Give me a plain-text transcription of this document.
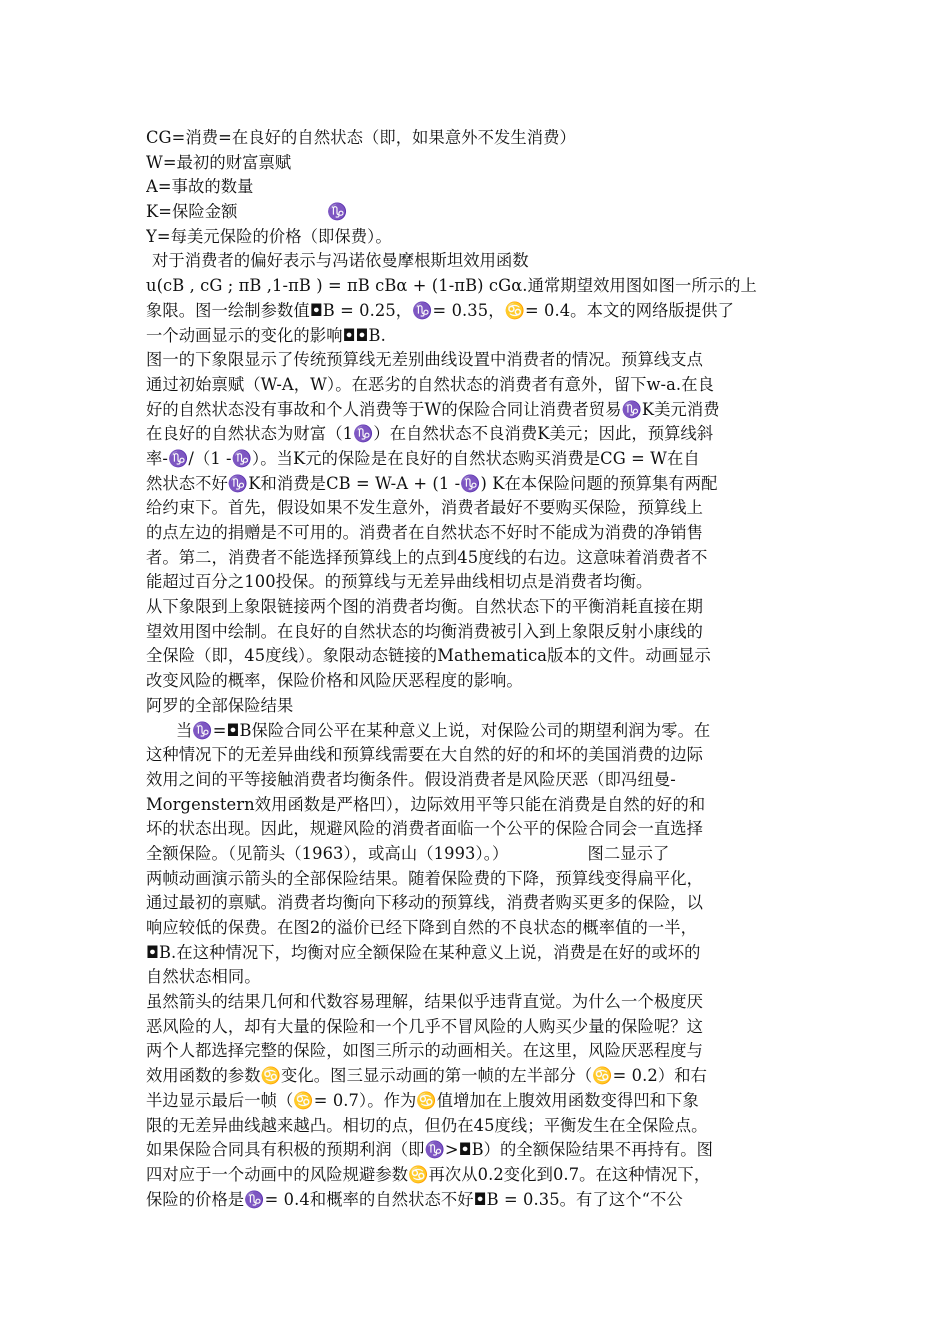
CG=消费=在良好的自然状态（即，如果意外不发生消费）
W=最初的财富禀赋
A=事故的数量
K=保险金额                 ♑
Y=每美元保险的价格（即保费）。
对于消费者的偏好表示与冯诺依曼摩根斯坦效用函数
u(cB , cG ; πB ,1-πB ) = πB cBα + (1-πB) cGα.通常期望效用图如图一所示的上
象限。图一绘制参数值◘B = 0.25，♑= 0.35，♋= 0.4。本文的网络版提供了
一个动画显示的变化的影响◘◘B.
图一的下象限显示了传统预算线无差别曲线设置中消费者的情况。预算线支点
通过初始禀赋（W-A，W）。在恶劣的自然状态的消费者有意外，留下w-a.在良
好的自然状态没有事故和个人消费等于W的保险合同让消费者贸易♑K美元消费
在良好的自然状态为财富（1♑）在自然状态不良消费K美元；因此，预算线斜
率-♑/（1 -♑）。当K元的保险是在良好的自然状态购买消费是CG = W在自
然状态不好♑K和消费是CB = W-A + (1 -♑) K在本保险问题的预算集有两配
给约束下。首先，假设如果不发生意外，消费者最好不要购买保险，预算线上
的点左边的捐赠是不可用的。消费者在自然状态不好时不能成为消费的净销售
者。第二，消费者不能选择预算线上的点到45度线的右边。这意味着消费者不
能超过百分之100投保。的预算线与无差异曲线相切点是消费者均衡。
从下象限到上象限链接两个图的消费者均衡。自然状态下的平衡消耗直接在期
望效用图中绘制。在良好的自然状态的均衡消费被引入到上象限反射小康线的
全保险（即，45度线）。象限动态链接的Mathematica版本的文件。动画显示
改变风险的概率，保险价格和风险厌恶程度的影响。
阿罗的全部保险结果
当♑=◘B保险合同公平在某种意义上说，对保险公司的期望利润为零。在
这种情况下的无差异曲线和预算线需要在大自然的好的和坏的美国消费的边际
效用之间的平等接触消费者均衡条件。假设消费者是风险厌恶（即冯纽曼-
Morgenstern效用函数是严格凹），边际效用平等只能在消费是自然的好的和
坏的状态出现。因此，规避风险的消费者面临一个公平的保险合同会一直选择
全额保险。（见箭头（1963），或高山（1993）。）               图二显示了
两帧动画演示箭头的全部保险结果。随着保险费的下降，预算线变得扁平化，
通过最初的禀赋。消费者均衡向下移动的预算线，消费者购买更多的保险，以
响应较低的保费。在图2的溢价已经下降到自然的不良状态的概率值的一半，
◘B.在这种情况下，均衡对应全额保险在某种意义上说，消费是在好的或坏的
自然状态相同。
虽然箭头的结果几何和代数容易理解，结果似乎违背直觉。为什么一个极度厌
恶风险的人，却有大量的保险和一个几乎不冒风险的人购买少量的保险呢？这
两个人都选择完整的保险，如图三所示的动画相关。在这里，风险厌恶程度与
效用函数的参数♋变化。图三显示动画的第一帧的左半部分（♋= 0.2）和右
半边显示最后一帧（♋= 0.7）。作为♋值增加在上腹效用函数变得凹和下象
限的无差异曲线越来越凸。相切的点，但仍在45度线；平衡发生在全保险点。
如果保险合同具有积极的预期利润（即♑>◘B）的全额保险结果不再持有。图
四对应于一个动画中的风险规避参数♋再次从0.2变化到0.7。在这种情况下，
保险的价格是♑= 0.4和概率的自然状态不好◘B = 0.35。有了这个“不公
